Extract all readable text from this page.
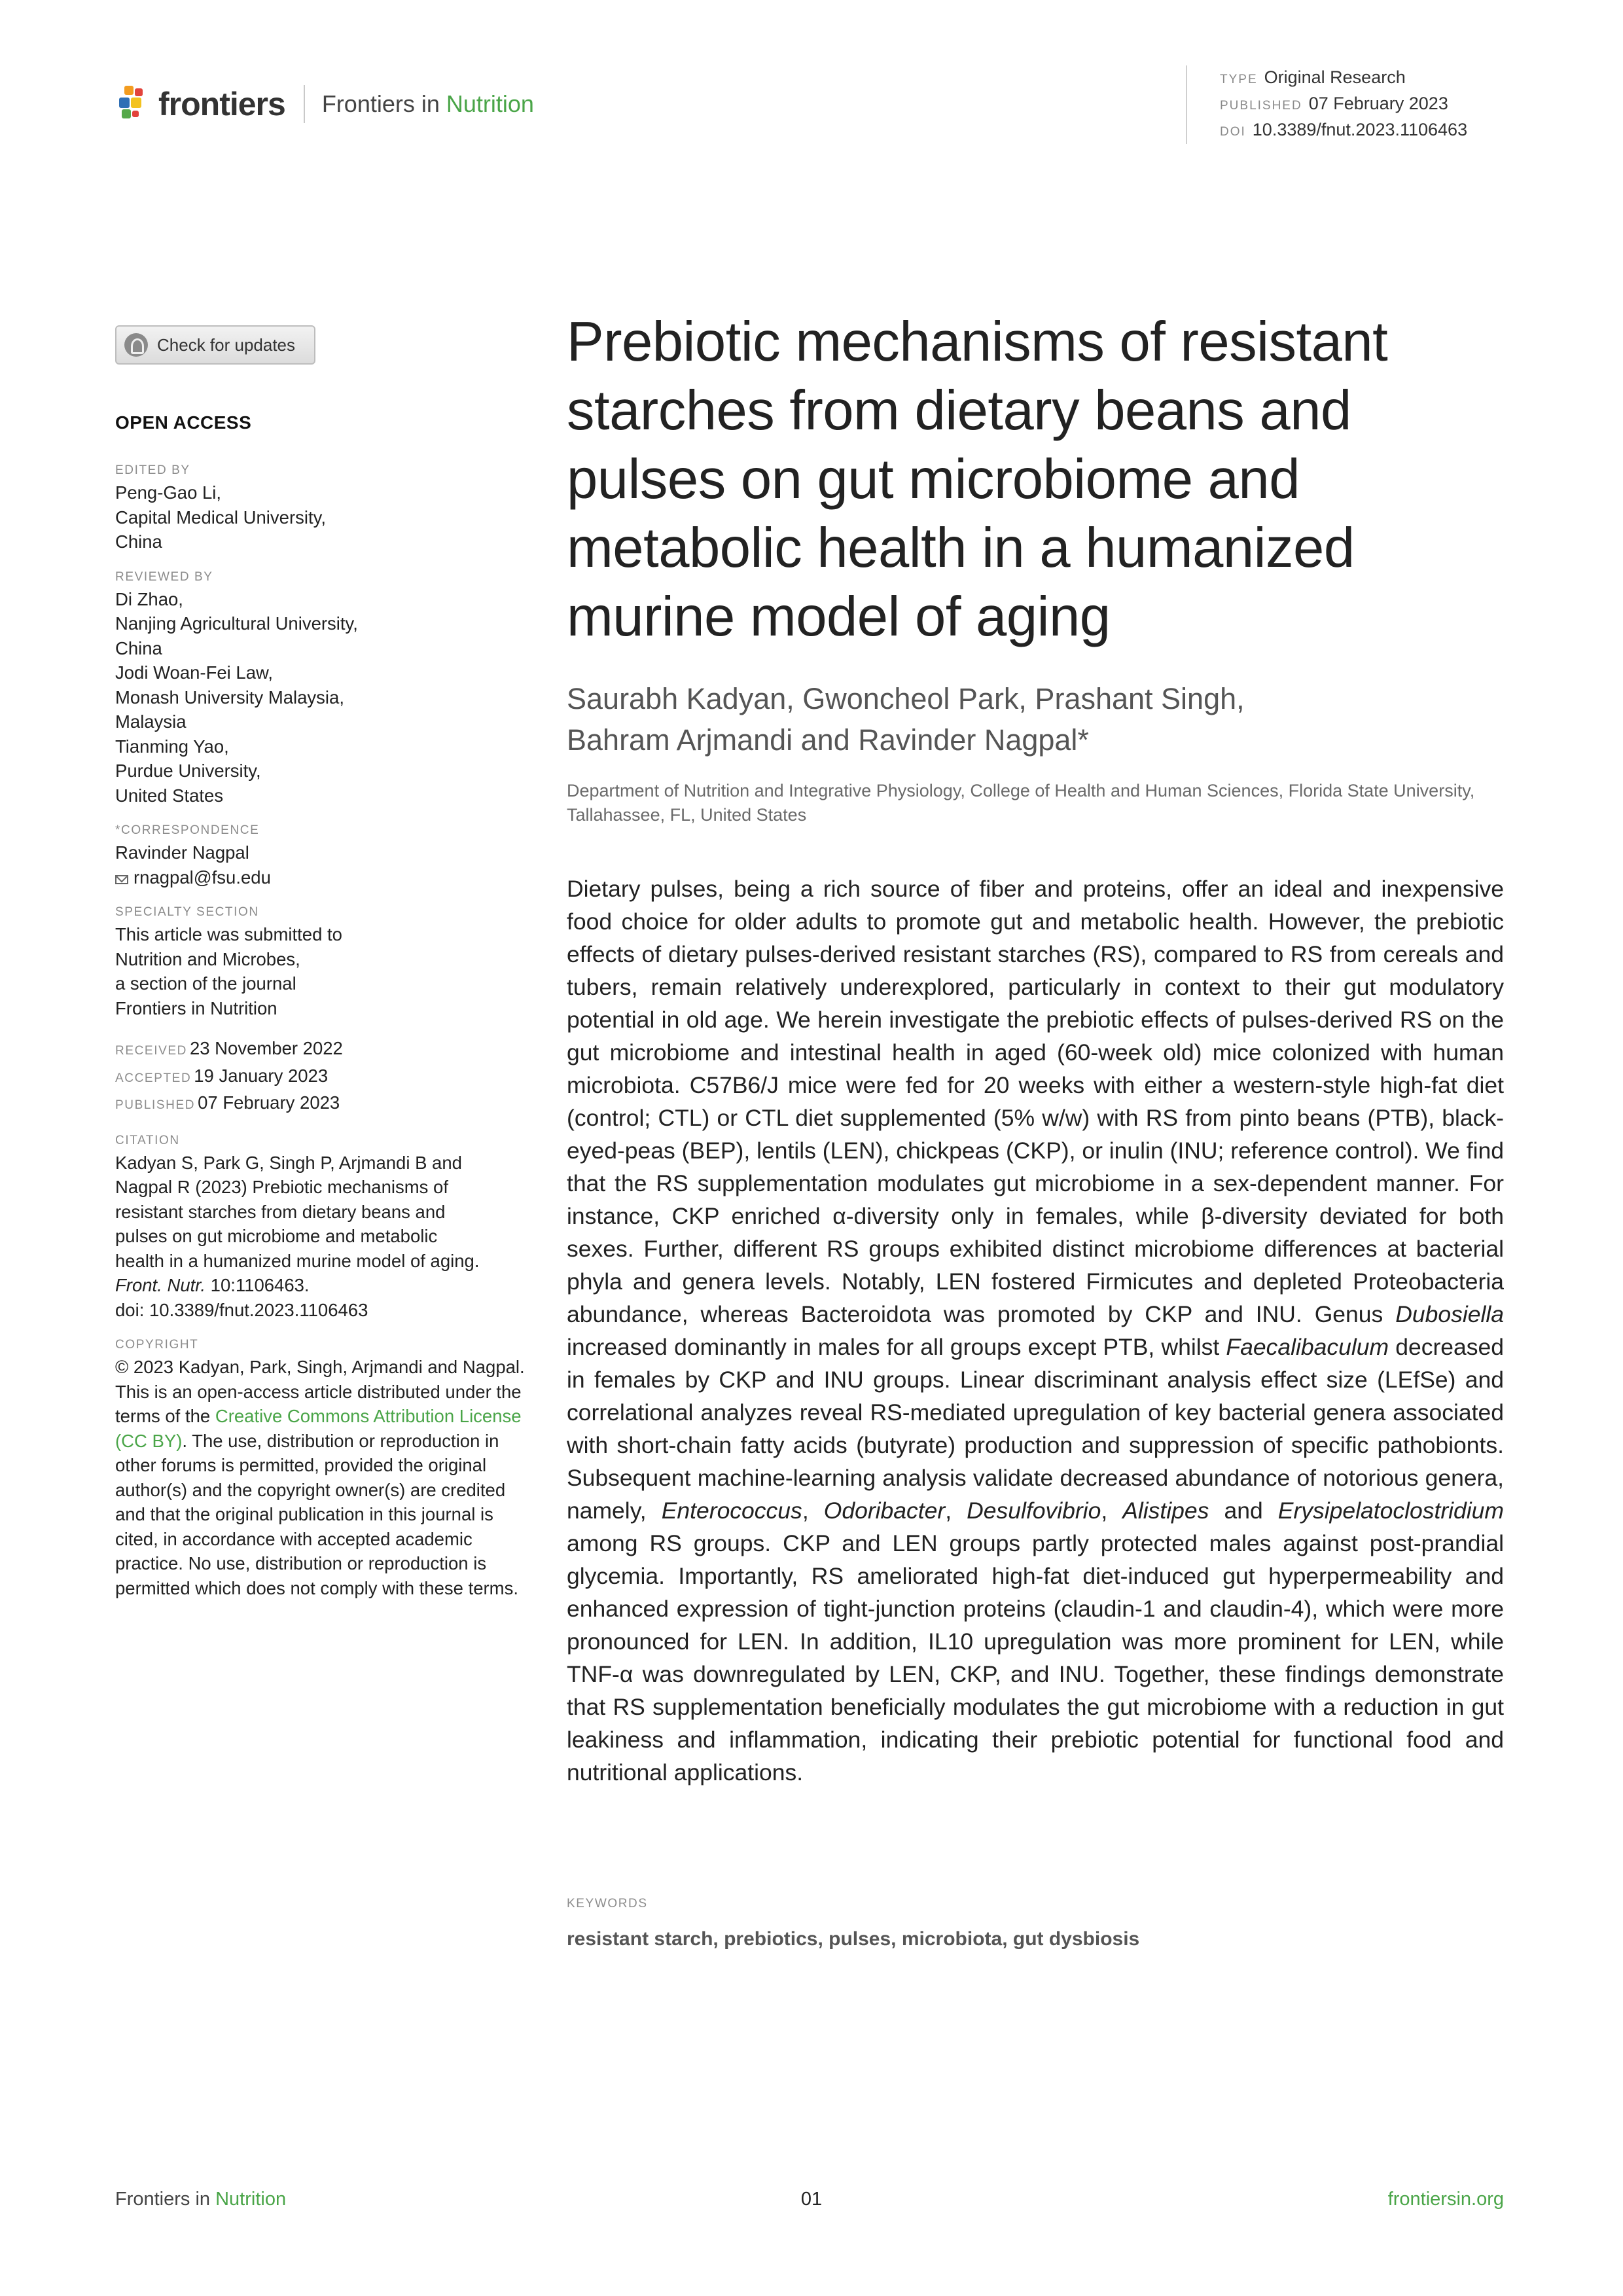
frontiers Frontiers in Nutrition
TYPE Original Research
PUBLISHED 07 February 2023
DOI 10.3389/fnut.2023.1106463
Check for updates
OPEN ACCESS
EDITED BY
Peng-Gao Li,
Capital Medical University,
China
REVIEWED BY
Di Zhao,
Nanjing Agricultural University,
China
Jodi Woan-Fei Law,
Monash University Malaysia,
Malaysia
Tianming Yao,
Purdue University,
United States
*CORRESPONDENCE
Ravinder Nagpal
rnagpal@fsu.edu
SPECIALTY SECTION
This article was submitted to
Nutrition and Microbes,
a section of the journal
Frontiers in Nutrition
RECEIVED 23 November 2022
ACCEPTED 19 January 2023
PUBLISHED 07 February 2023
CITATION
Kadyan S, Park G, Singh P, Arjmandi B and
Nagpal R (2023) Prebiotic mechanisms of
resistant starches from dietary beans and
pulses on gut microbiome and metabolic
health in a humanized murine model of aging.
Front. Nutr. 10:1106463.
doi: 10.3389/fnut.2023.1106463
COPYRIGHT
© 2023 Kadyan, Park, Singh, Arjmandi and Nagpal. This is an open-access article distributed under the terms of the Creative Commons Attribution License (CC BY). The use, distribution or reproduction in other forums is permitted, provided the original author(s) and the copyright owner(s) are credited and that the original publication in this journal is cited, in accordance with accepted academic practice. No use, distribution or reproduction is permitted which does not comply with these terms.
Prebiotic mechanisms of resistant starches from dietary beans and pulses on gut microbiome and metabolic health in a humanized murine model of aging
Saurabh Kadyan, Gwoncheol Park, Prashant Singh,
Bahram Arjmandi and Ravinder Nagpal*
Department of Nutrition and Integrative Physiology, College of Health and Human Sciences, Florida State University, Tallahassee, FL, United States

Dietary pulses, being a rich source of fiber and proteins, offer an ideal and inexpensive food choice for older adults to promote gut and metabolic health. However, the prebiotic effects of dietary pulses-derived resistant starches (RS), compared to RS from cereals and tubers, remain relatively underexplored, particularly in context to their gut modulatory potential in old age. We herein investigate the prebiotic effects of pulses-derived RS on the gut microbiome and intestinal health in aged (60-week old) mice colonized with human microbiota. C57B6/J mice were fed for 20 weeks with either a western-style high-fat diet (control; CTL) or CTL diet supplemented (5% w/w) with RS from pinto beans (PTB), black-eyed-peas (BEP), lentils (LEN), chickpeas (CKP), or inulin (INU; reference control). We find that the RS supplementation modulates gut microbiome in a sex-dependent manner. For instance, CKP enriched α-diversity only in females, while β-diversity deviated for both sexes. Further, different RS groups exhibited distinct microbiome differences at bacterial phyla and genera levels. Notably, LEN fostered Firmicutes and depleted Proteobacteria abundance, whereas Bacteroidota was promoted by CKP and INU. Genus Dubosiella increased dominantly in males for all groups except PTB, whilst Faecalibaculum decreased in females by CKP and INU groups. Linear discriminant analysis effect size (LEfSe) and correlational analyzes reveal RS-mediated upregulation of key bacterial genera associated with short-chain fatty acids (butyrate) production and suppression of specific pathobionts. Subsequent machine-learning analysis validate decreased abundance of notorious genera, namely, Enterococcus, Odoribacter, Desulfovibrio, Alistipes and Erysipelatoclostridium among RS groups. CKP and LEN groups partly protected males against post-prandial glycemia. Importantly, RS ameliorated high-fat diet-induced gut hyperpermeability and enhanced expression of tight-junction proteins (claudin-1 and claudin-4), which were more pronounced for LEN. In addition, IL10 upregulation was more prominent for LEN, while TNF-α was downregulated by LEN, CKP, and INU. Together, these findings demonstrate that RS supplementation beneficially modulates the gut microbiome with a reduction in gut leakiness and inflammation, indicating their prebiotic potential for functional food and nutritional applications.

KEYWORDS
resistant starch, prebiotics, pulses, microbiota, gut dysbiosis
Frontiers in Nutrition	01	frontiersin.org
